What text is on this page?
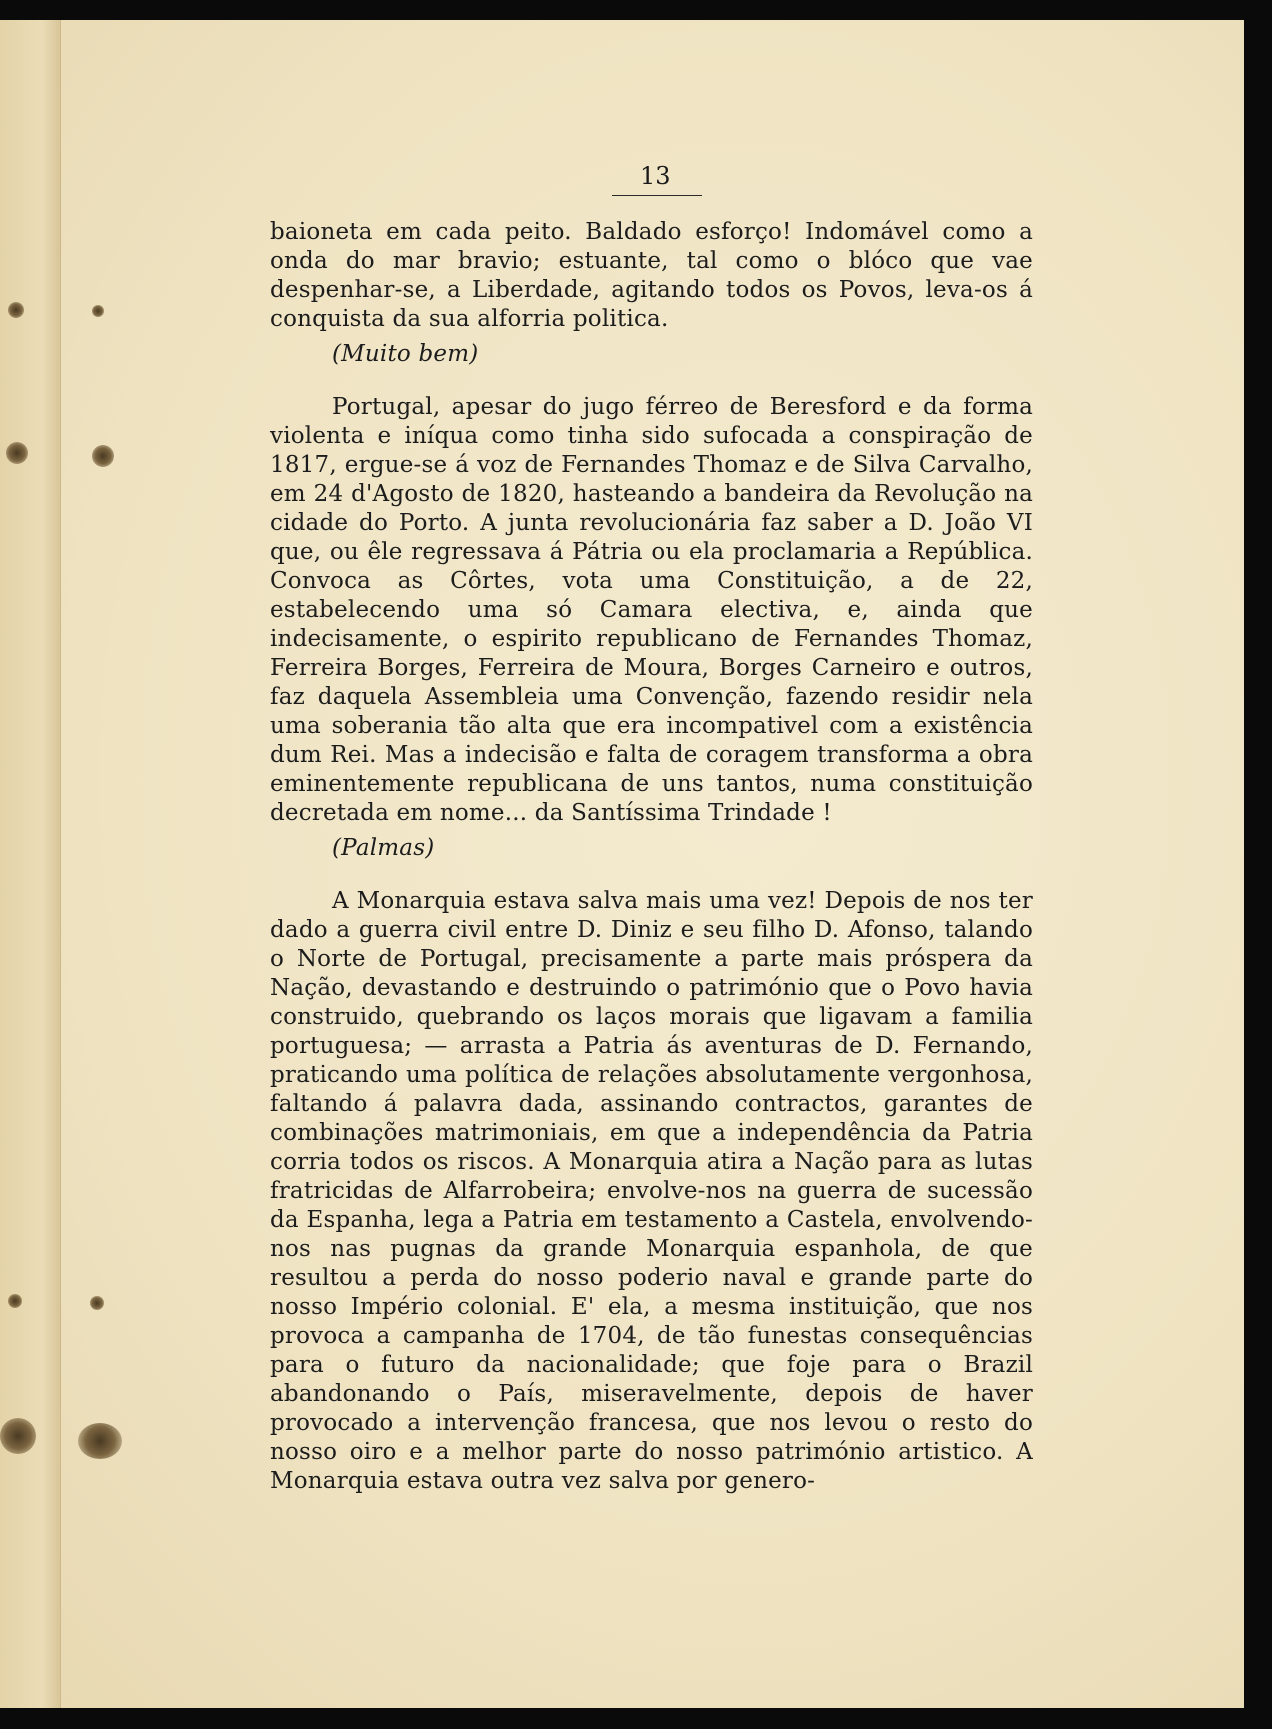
13

baioneta em cada peito. Baldado esforço! Indomável como a onda do mar bravio; estuante, tal como o blóco que vae despenhar-se, a Liberdade, agitando todos os Povos, leva-os á conquista da sua alforria politica.

(Muito bem)

Portugal, apesar do jugo férreo de Beresford e da forma violenta e iníqua como tinha sido sufocada a conspiração de 1817, ergue-se á voz de Fernandes Thomaz e de Silva Carvalho, em 24 d'Agosto de 1820, hasteando a bandeira da Revolução na cidade do Porto. A junta revolucionária faz saber a D. João VI que, ou êle regressava á Pátria ou ela proclamaria a República. Convoca as Côrtes, vota uma Constituição, a de 22, estabelecendo uma só Camara electiva, e, ainda que indecisamente, o espirito republicano de Fernandes Thomaz, Ferreira Borges, Ferreira de Moura, Borges Carneiro e outros, faz daquela Assembleia uma Convenção, fazendo residir nela uma soberania tão alta que era incompativel com a existência dum Rei. Mas a indecisão e falta de coragem transforma a obra eminentemente republicana de uns tantos, numa constituição decretada em nome... da Santíssima Trindade !

(Palmas)

A Monarquia estava salva mais uma vez! Depois de nos ter dado a guerra civil entre D. Diniz e seu filho D. Afonso, talando o Norte de Portugal, precisamente a parte mais próspera da Nação, devastando e destruindo o património que o Povo havia construido, quebrando os laços morais que ligavam a familia portuguesa; — arrasta a Patria ás aventuras de D. Fernando, praticando uma política de relações absolutamente vergonhosa, faltando á palavra dada, assinando contractos, garantes de combinações matrimoniais, em que a independência da Patria corria todos os riscos. A Monarquia atira a Nação para as lutas fratricidas de Alfarrobeira; envolve-nos na guerra de sucessão da Espanha, lega a Patria em testamento a Castela, envolvendo-nos nas pugnas da grande Monarquia espanhola, de que resultou a perda do nosso poderio naval e grande parte do nosso Império colonial. E' ela, a mesma instituição, que nos provoca a campanha de 1704, de tão funestas consequências para o futuro da nacionalidade; que foje para o Brazil abandonando o País, miseravelmente, depois de haver provocado a intervenção francesa, que nos levou o resto do nosso oiro e a melhor parte do nosso património artistico. A Monarquia estava outra vez salva por genero-
